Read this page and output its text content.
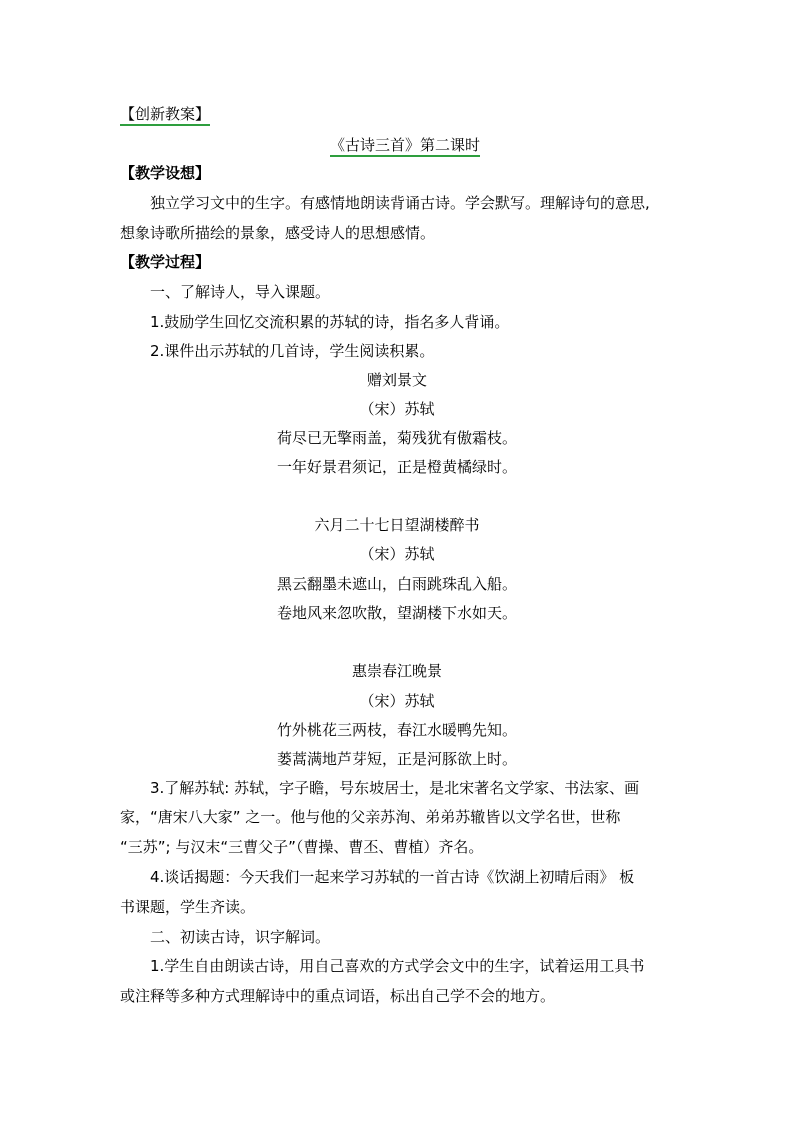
【创新教案】
《古诗三首》第二课时
【教学设想】
独立学习文中的生字。有感情地朗读背诵古诗。学会默写。理解诗句的意思,
想象诗歌所描绘的景象，感受诗人的思想感情。
【教学过程】
一、了解诗人，导入课题。
1.鼓励学生回忆交流积累的苏轼的诗，指名多人背诵。
2.课件出示苏轼的几首诗，学生阅读积累。
赠刘景文
（宋）苏轼
荷尽已无擎雨盖，菊残犹有傲霜枝。
一年好景君须记，正是橙黄橘绿时。
六月二十七日望湖楼醉书
（宋）苏轼
黑云翻墨未遮山，白雨跳珠乱入船。
卷地风来忽吹散，望湖楼下水如天。
惠崇春江晚景
（宋）苏轼
竹外桃花三两枝，春江水暖鸭先知。
蒌蒿满地芦芽短，正是河豚欲上时。
3.了解苏轼: 苏轼，字子瞻，号东坡居士，是北宋著名文学家、书法家、画
家，“唐宋八大家” 之一。他与他的父亲苏洵、弟弟苏辙皆以文学名世，世称
“三苏”; 与汉末“三曹父子”（曹操、曹丕、曹植）齐名。
4.谈话揭题：今天我们一起来学习苏轼的一首古诗《饮湖上初晴后雨》 板
书课题，学生齐读。
二、初读古诗，识字解词。
1.学生自由朗读古诗，用自己喜欢的方式学会文中的生字，试着运用工具书
或注释等多种方式理解诗中的重点词语，标出自己学不会的地方。
